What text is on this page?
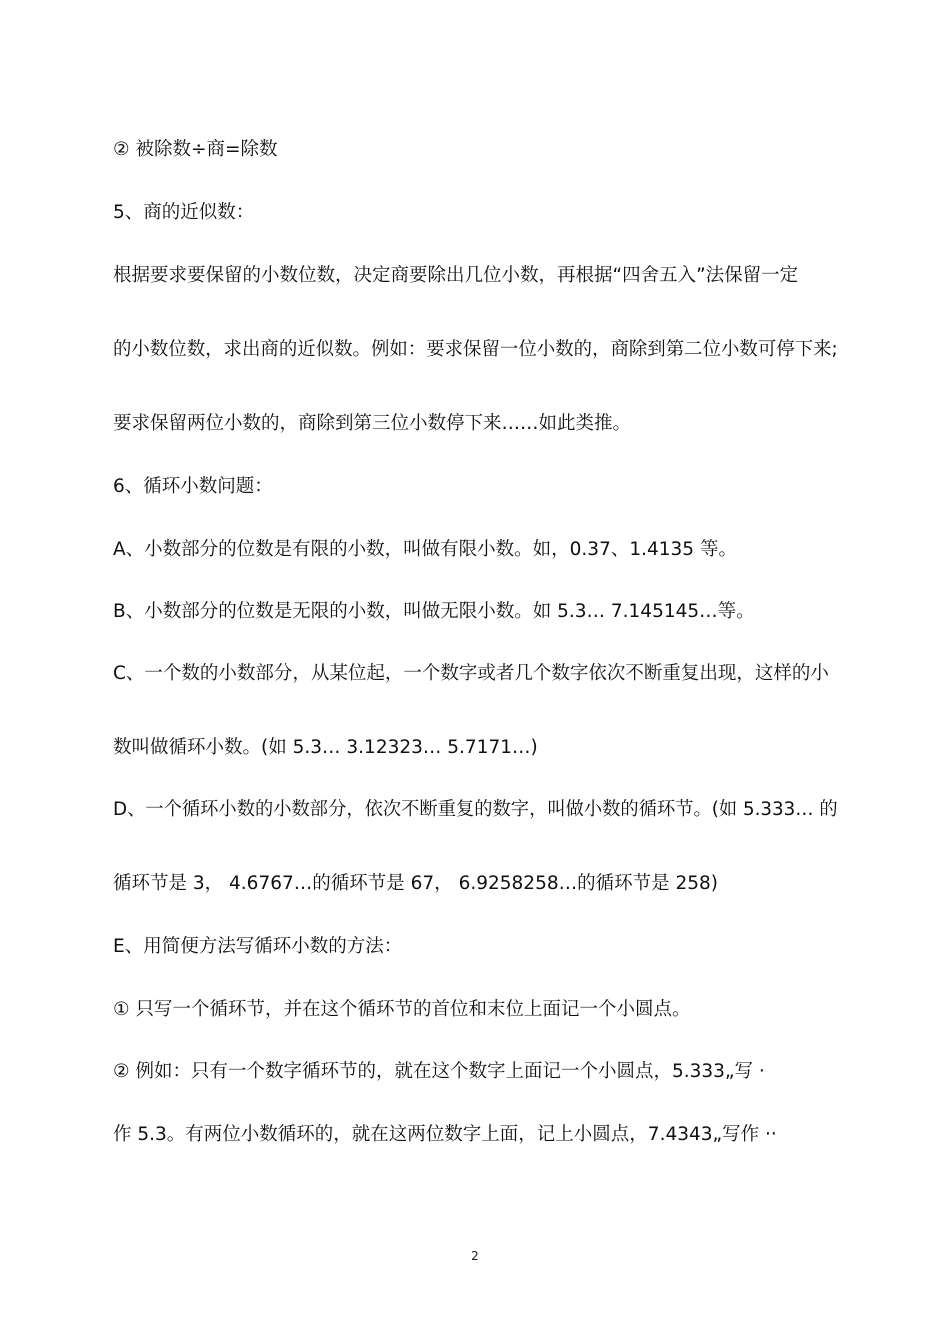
② 被除数÷商=除数
5、商的近似数：
根据要求要保留的小数位数，决定商要除出几位小数，再根据“四舍五入”法保留一定
的小数位数，求出商的近似数。例如：要求保留一位小数的，商除到第二位小数可停下来;
要求保留两位小数的，商除到第三位小数停下来……如此类推。
6、循环小数问题：
A、小数部分的位数是有限的小数，叫做有限小数。如，0.37、1.4135 等。
B、小数部分的位数是无限的小数，叫做无限小数。如 5.3… 7.145145…等。
C、一个数的小数部分，从某位起，一个数字或者几个数字依次不断重复出现，这样的小
数叫做循环小数。(如 5.3… 3.12323… 5.7171…)
D、一个循环小数的小数部分，依次不断重复的数字，叫做小数的循环节。(如 5.333… 的
循环节是 3， 4.6767…的循环节是 67， 6.9258258…的循环节是 258)
E、用简便方法写循环小数的方法：
① 只写一个循环节，并在这个循环节的首位和末位上面记一个小圆点。
② 例如：只有一个数字循环节的，就在这个数字上面记一个小圆点，5.333„写 ·
作 5.3。有两位小数循环的，就在这两位数字上面，记上小圆点，7.4343„写作 ··
2
